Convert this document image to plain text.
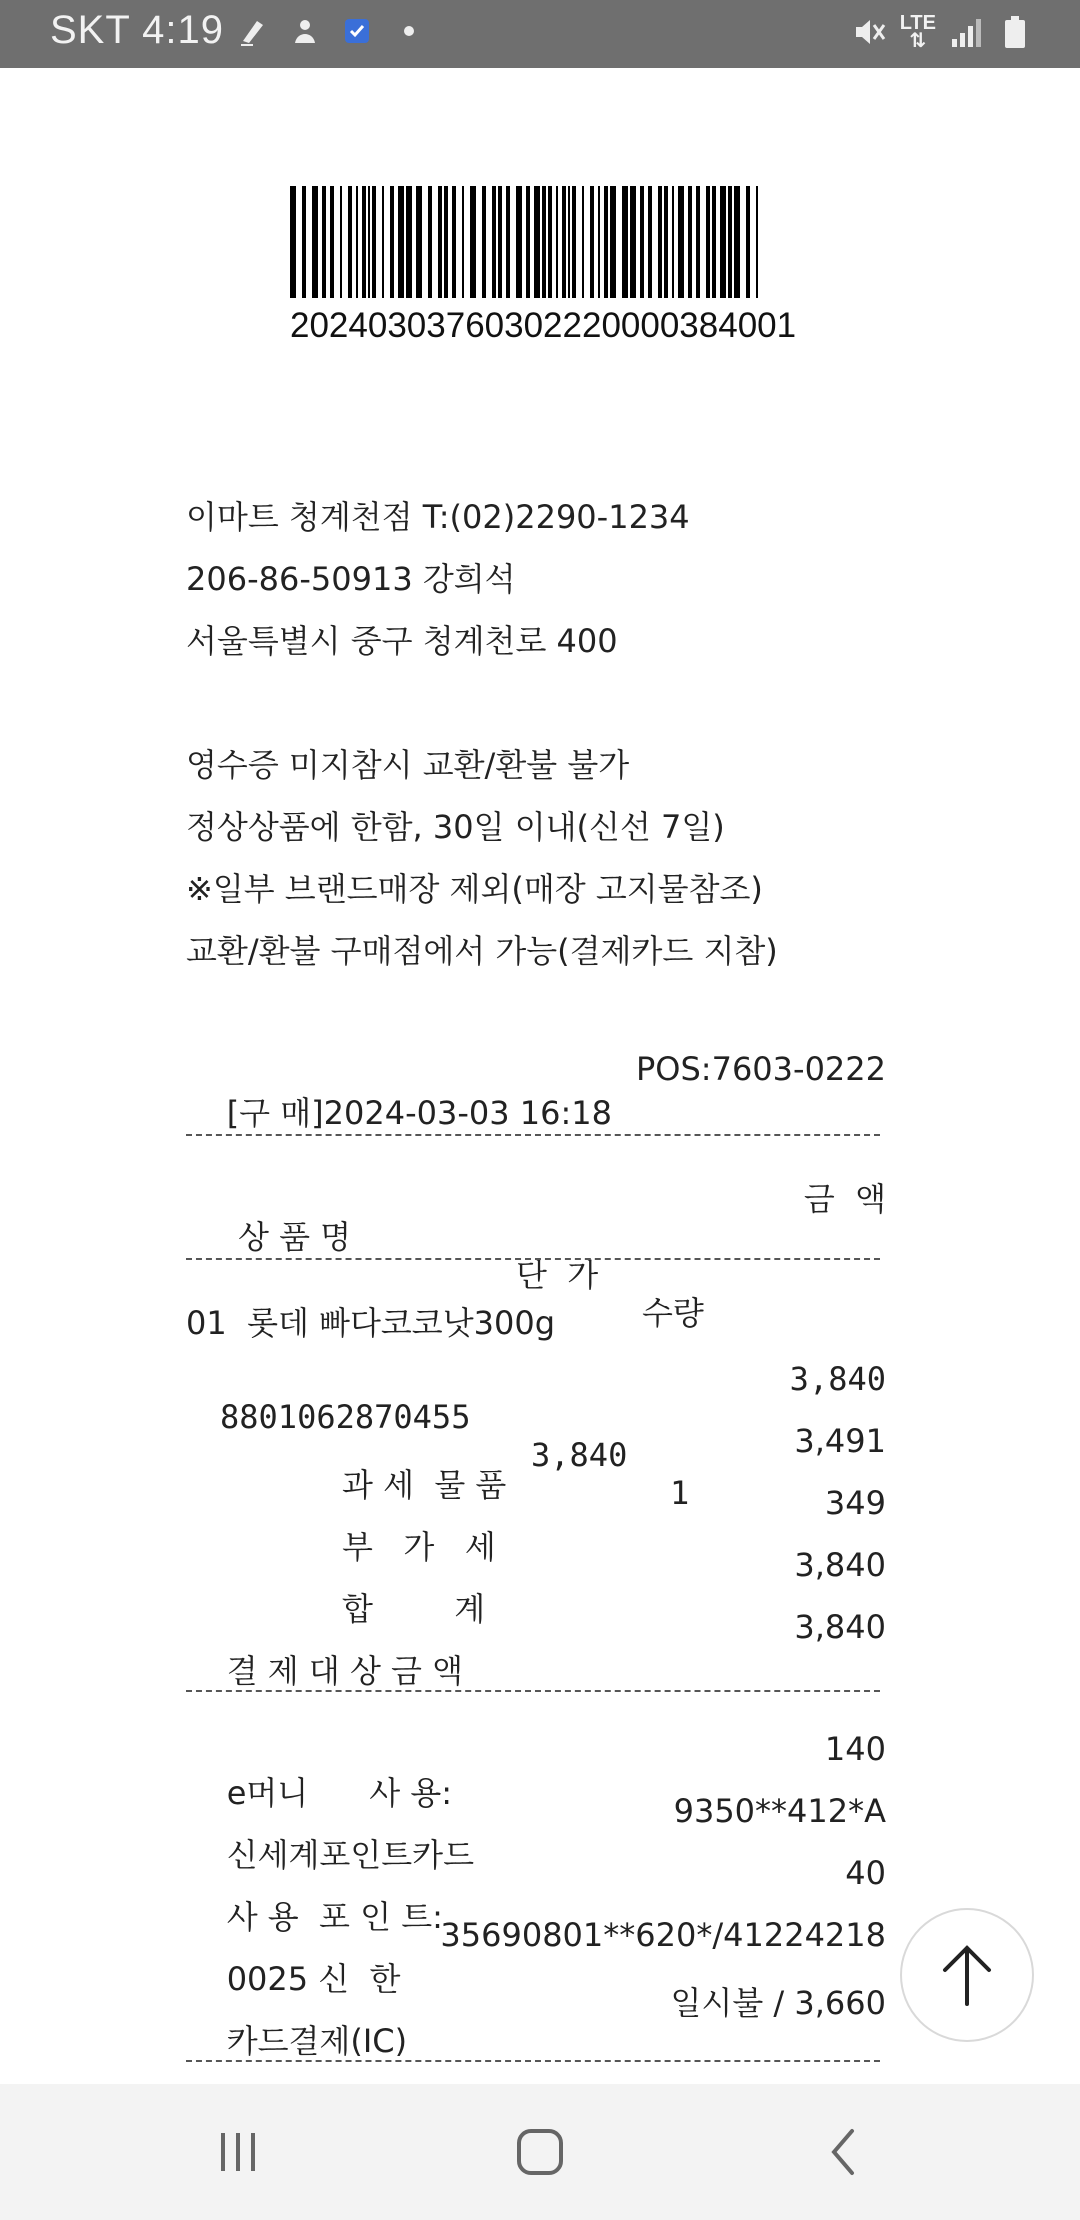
SKT 4:19	LTE
⇅
20240303760302220000384001
이마트 청계천점 T:(02)2290-1234
206-86-50913 강희석
서울특별시 중구 청계천로 400
영수증 미지참시 교환/환불 불가
정상상품에 한함, 30일 이내(신선 7일)
※일부 브랜드매장 제외(매장 고지물참조)
교환/환불 구매점에서 가능(결제카드 지참)

[구 매]2024-03-03 16:18

POS:7603-0222

상 품 명

단  가

수량

금  액

01  롯데 빠다코코낫300g

8801062870455

3,840

1

3,840

과 세  물 품

3,491

부   가   세

349

합        계

3,840

결 제 대 상 금 액

3,840

e머니      사 용:

140

신세계포인트카드

9350**412*A

사 용  포 인 트:

40

0025 신  한

35690801**620*/41224218

카드결제(IC)

일시불 / 3,660
